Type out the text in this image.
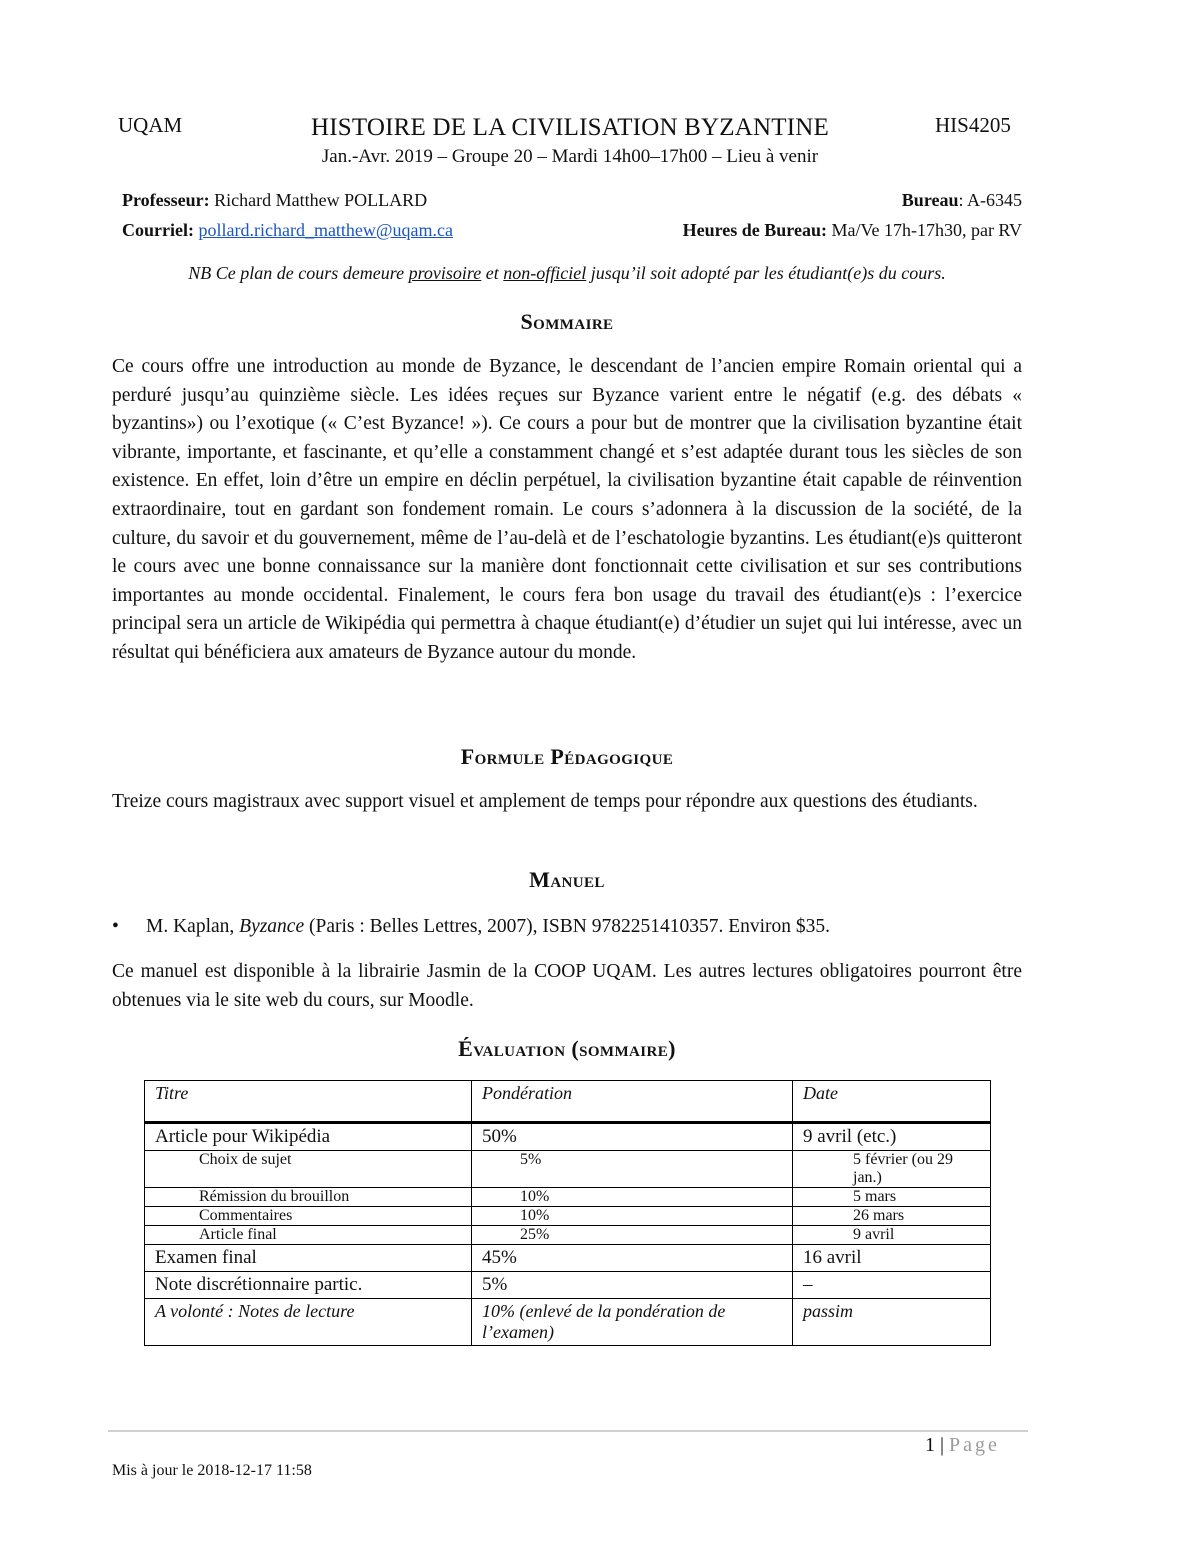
UQAM	HISTOIRE DE LA CIVILISATION BYZANTINE	HIS4205
Jan.-Avr. 2019 – Groupe 20 – Mardi 14h00–17h00 – Lieu à venir
Professeur: Richard Matthew POLLARD	Bureau: A-6345
Courriel: pollard.richard_matthew@uqam.ca	Heures de Bureau: Ma/Ve 17h-17h30, par RV
NB Ce plan de cours demeure provisoire et non-officiel jusqu’il soit adopté par les étudiant(e)s du cours.
Sommaire
Ce cours offre une introduction au monde de Byzance, le descendant de l’ancien empire Romain oriental qui a perduré jusqu’au quinzième siècle. Les idées reçues sur Byzance varient entre le négatif (e.g. des débats « byzantins») ou l’exotique (« C’est Byzance! »). Ce cours a pour but de montrer que la civilisation byzantine était vibrante, importante, et fascinante, et qu’elle a constamment changé et s’est adaptée durant tous les siècles de son existence. En effet, loin d’être un empire en déclin perpétuel, la civilisation byzantine était capable de réinvention extraordinaire, tout en gardant son fondement romain. Le cours s’adonnera à la discussion de la société, de la culture, du savoir et du gouvernement, même de l’au-delà et de l’eschatologie byzantins. Les étudiant(e)s quitteront le cours avec une bonne connaissance sur la manière dont fonctionnait cette civilisation et sur ses contributions importantes au monde occidental. Finalement, le cours fera bon usage du travail des étudiant(e)s : l’exercice principal sera un article de Wikipédia qui permettra à chaque étudiant(e) d’étudier un sujet qui lui intéresse, avec un résultat qui bénéficiera aux amateurs de Byzance autour du monde.
Formule Pédagogique
Treize cours magistraux avec support visuel et amplement de temps pour répondre aux questions des étudiants.
Manuel
•	M. Kaplan, Byzance (Paris : Belles Lettres, 2007), ISBN 9782251410357. Environ $35.
Ce manuel est disponible à la librairie Jasmin de la COOP UQAM. Les autres lectures obligatoires pourront être obtenues via le site web du cours, sur Moodle.
Évaluation (sommaire)
Titre	Pondération	Date
Article pour Wikipédia	50%	9 avril (etc.)
Choix de sujet	5%	5 février (ou 29 jan.)
Rémission du brouillon	10%	5 mars
Commentaires	10%	26 mars
Article final	25%	9 avril
Examen final	45%	16 avril
Note discrétionnaire partic.	5%	–
A volonté : Notes de lecture	10% (enlevé de la pondération de l’examen)	passim
1 | Page
Mis à jour le 2018-12-17 11:58
